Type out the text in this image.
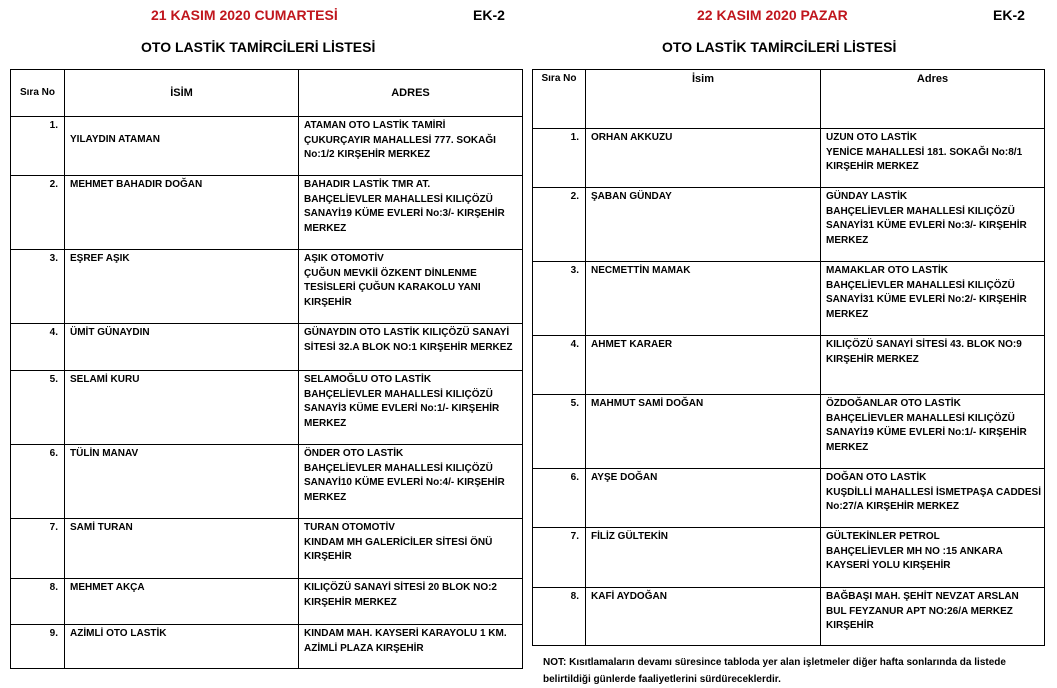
21 KASIM 2020 CUMARTESİ	EK-2
OTO LASTİK TAMİRCİLERİ LİSTESİ
Sıra No	İSİM	ADRES
1.	YILAYDIN ATAMAN	ATAMAN OTO LASTİK TAMİRİ
ÇUKURÇAYIR MAHALLESİ 777. SOKAĞI
No:1/2 KIRŞEHİR MERKEZ

2.	MEHMET BAHADIR DOĞAN	BAHADIR LASTİK TMR AT.
BAHÇELİEVLER MAHALLESİ KILIÇÖZÜ
SANAYİ19 KÜME EVLERİ No:3/- KIRŞEHİR
MERKEZ

3.	EŞREF AŞIK	AŞIK OTOMOTİV
ÇUĞUN MEVKİİ ÖZKENT DİNLENME
TESİSLERİ ÇUĞUN KARAKOLU YANI
KIRŞEHİR

4.	ÜMİT GÜNAYDIN	GÜNAYDIN OTO LASTİK KILIÇÖZÜ SANAYİ
SİTESİ 32.A BLOK NO:1 KIRŞEHİR MERKEZ

5.	SELAMİ KURU	SELAMOĞLU OTO LASTİK
BAHÇELİEVLER MAHALLESİ KILIÇÖZÜ
SANAYİ3 KÜME EVLERİ No:1/- KIRŞEHİR
MERKEZ

6.	TÜLİN MANAV	ÖNDER OTO LASTİK
BAHÇELİEVLER MAHALLESİ KILIÇÖZÜ
SANAYİ10 KÜME EVLERİ No:4/- KIRŞEHİR
MERKEZ

7.	SAMİ TURAN	TURAN OTOMOTİV
KINDAM MH GALERİCİLER SİTESİ ÖNÜ
KIRŞEHİR

8.	MEHMET AKÇA	KILIÇÖZÜ SANAYİ SİTESİ 20 BLOK NO:2
KIRŞEHİR MERKEZ

9.	AZİMLİ OTO LASTİK	KINDAM MAH. KAYSERİ KARAYOLU 1 KM.
AZİMLİ PLAZA KIRŞEHİR
22 KASIM 2020 PAZAR	EK-2
OTO LASTİK TAMİRCİLERİ LİSTESİ
Sıra No	İsim	Adres
1.	ORHAN AKKUZU	UZUN OTO LASTİK
YENİCE MAHALLESİ 181. SOKAĞI No:8/1
KIRŞEHİR MERKEZ

2.	ŞABAN GÜNDAY	GÜNDAY LASTİK
BAHÇELİEVLER MAHALLESİ KILIÇÖZÜ
SANAYİ31 KÜME EVLERİ No:3/- KIRŞEHİR
MERKEZ

3.	NECMETTİN MAMAK	MAMAKLAR OTO LASTİK
BAHÇELİEVLER MAHALLESİ KILIÇÖZÜ
SANAYİ31 KÜME EVLERİ No:2/- KIRŞEHİR
MERKEZ

4.	AHMET KARAER	KILIÇÖZÜ SANAYİ SİTESİ 43. BLOK NO:9
KIRŞEHİR MERKEZ

5.	MAHMUT SAMİ DOĞAN	ÖZDOĞANLAR OTO LASTİK
BAHÇELİEVLER MAHALLESİ KILIÇÖZÜ
SANAYİ19 KÜME EVLERİ No:1/- KIRŞEHİR
MERKEZ

6.	AYŞE DOĞAN	DOĞAN OTO LASTİK
KUŞDİLLİ MAHALLESİ İSMETPAŞA CADDESİ
No:27/A KIRŞEHİR MERKEZ

7.	FİLİZ GÜLTEKİN	GÜLTEKİNLER PETROL
BAHÇELİEVLER MH NO :15 ANKARA
KAYSERİ YOLU KIRŞEHİR

8.	KAFİ AYDOĞAN	BAĞBAŞI MAH. ŞEHİT NEVZAT ARSLAN
BUL FEYZANUR APT NO:26/A MERKEZ
KIRŞEHİR
NOT: Kısıtlamaların devamı süresince tabloda yer alan işletmeler diğer hafta sonlarında da listede belirtildiği günlerde faaliyetlerini sürdüreceklerdir.
